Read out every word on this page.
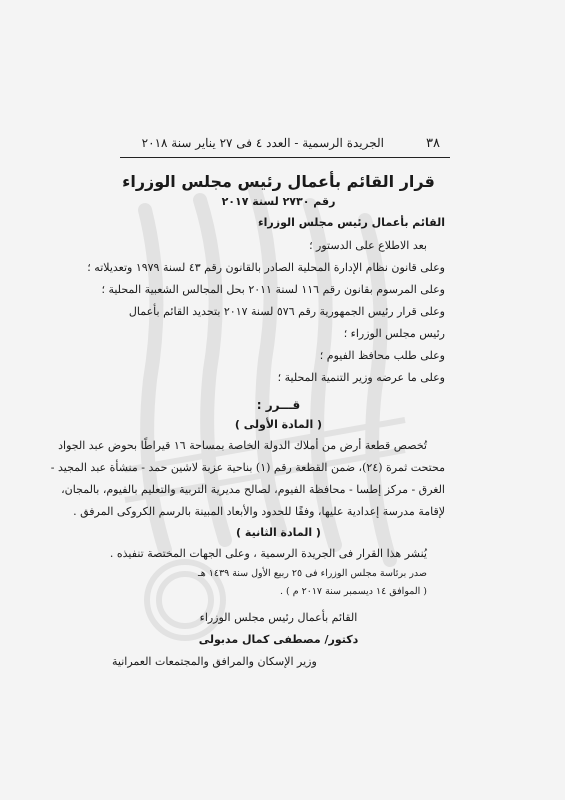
٣٨
الجريدة الرسمية - العدد ٤ فى ٢٧ يناير سنة ٢٠١٨
قرار القائم بأعمال رئيس مجلس الوزراء
رقم ٢٧٣٠ لسنة ٢٠١٧
القائم بأعمال رئيس مجلس الوزراء
بعد الاطلاع على الدستور ؛
وعلى قانون نظام الإدارة المحلية الصادر بالقانون رقم ٤٣ لسنة ١٩٧٩ وتعديلاته ؛
وعلى المرسوم بقانون رقم ١١٦ لسنة ٢٠١١ بحل المجالس الشعبية المحلية ؛
وعلى قرار رئيس الجمهورية رقم ٥٧٦ لسنة ٢٠١٧ بتحديد القائم بأعمال
رئيس مجلس الوزراء ؛
وعلى طلب محافظ الفيوم ؛
وعلى ما عرضه وزير التنمية المحلية ؛
قـــرر :
( المادة الأولى )
تُخصص قطعة أرض من أملاك الدولة الخاصة بمساحة ١٦ قيراطًا بحوض عبد الجواد
محتحت ثمرة (٢٤)، ضمن القطعة رقم (١) بناحية عزبة لاشين حمد - منشأة عبد المجيد -
الغرق - مركز إطسا - محافظة الفيوم، لصالح مديرية التربية والتعليم بالفيوم، بالمجان،
لإقامة مدرسة إعدادية عليها، وفقًا للحدود والأبعاد المبينة بالرسم الكروكى المرفق .
( المادة الثانية )
يُنشر هذا القرار فى الجريدة الرسمية ، وعلى الجهات المختصة تنفيذه .
صدر برئاسة مجلس الوزراء فى ٢٥ ربيع الأول سنة ١٤٣٩ هـ
( الموافق ١٤ ديسمبر سنة ٢٠١٧ م ) .
القائم بأعمال رئيس مجلس الوزراء
دكتور/ مصطفى كمال مدبولى
وزير الإسكان والمرافق والمجتمعات العمرانية
